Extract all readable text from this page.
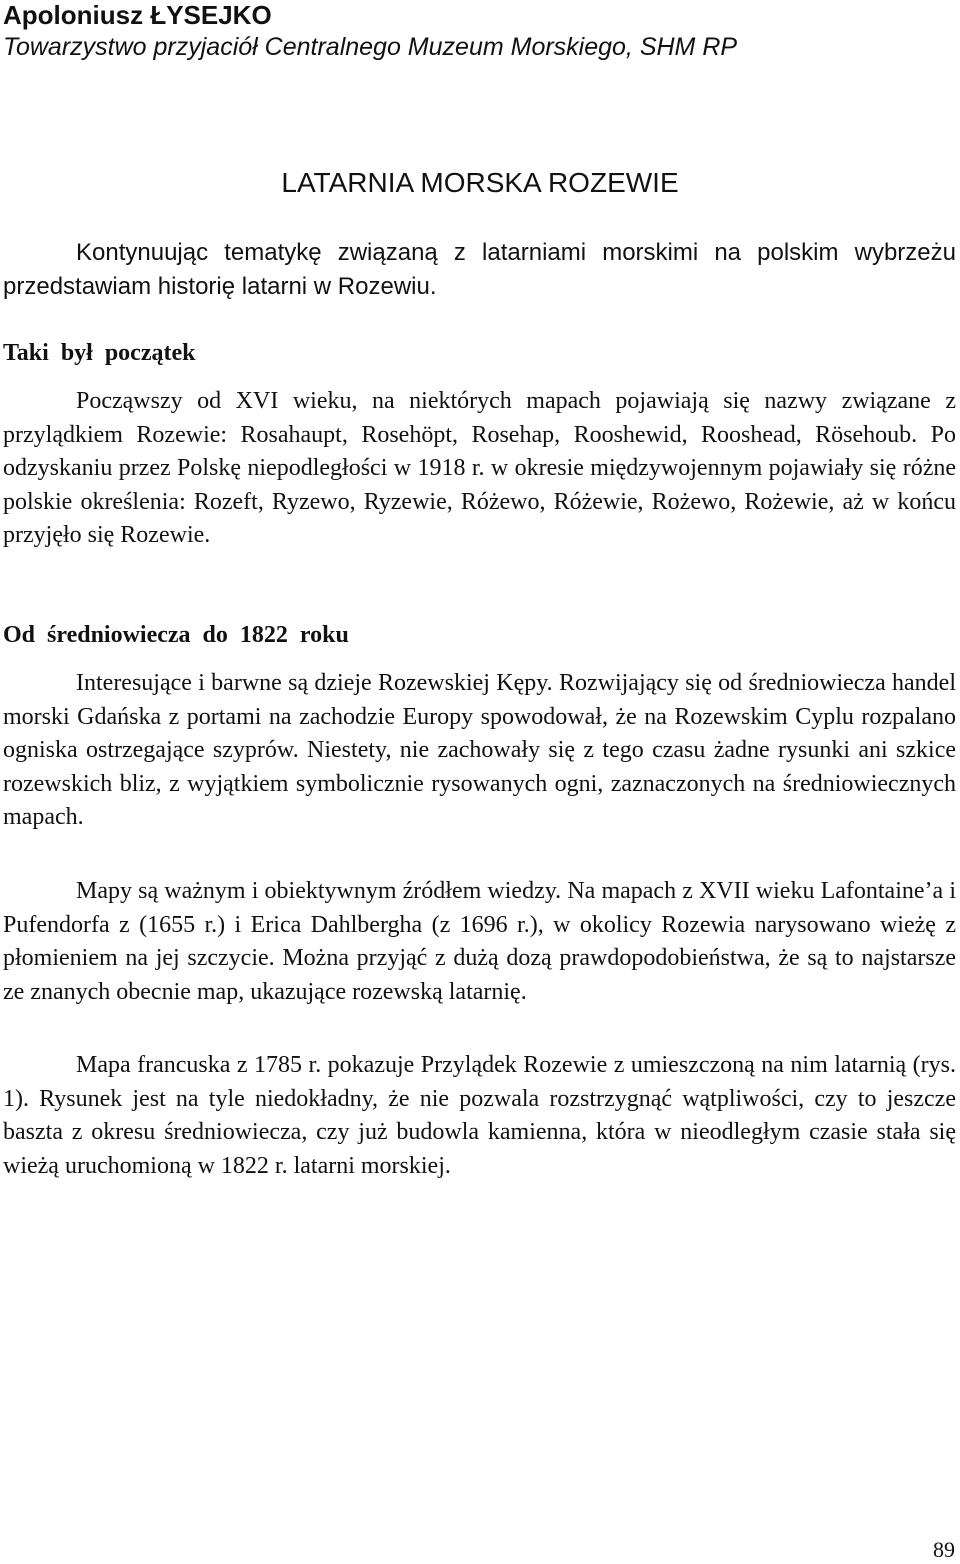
Apoloniusz ŁYSEJKO
Towarzystwo przyjaciół Centralnego Muzeum Morskiego, SHM RP
LATARNIA MORSKA ROZEWIE

Kontynuując tematykę związaną z latarniami morskimi na polskim wybrzeżu przedstawiam historię latarni w Rozewiu.

Taki był początek

Począwszy od XVI wieku, na niektórych mapach pojawiają się nazwy związane z przylądkiem Rozewie: Rosahaupt, Rosehöpt, Rosehap, Rooshewid, Rooshead, Rösehoub. Po odzyskaniu przez Polskę niepodległości w 1918 r. w okresie międzywojennym pojawiały się różne polskie określenia: Rozeft, Ryzewo, Ryzewie, Różewo, Różewie, Rożewo, Rożewie, aż w końcu przyjęło się Rozewie.

Od średniowiecza do 1822 roku

Interesujące i barwne są dzieje Rozewskiej Kępy. Rozwijający się od średniowiecza handel morski Gdańska z portami na zachodzie Europy spowodował, że na Rozewskim Cyplu rozpalano ogniska ostrzegające szyprów. Niestety, nie zachowały się z tego czasu żadne rysunki ani szkice rozewskich bliz, z wyjątkiem symbolicznie rysowanych ogni, zaznaczonych na średniowiecznych mapach.

Mapy są ważnym i obiektywnym źródłem wiedzy. Na mapach z XVII wieku Lafontaine’a i Pufendorfa z (1655 r.) i Erica Dahlbergha (z 1696 r.), w okolicy Rozewia narysowano wieżę z płomieniem na jej szczycie. Można przyjąć z dużą dozą prawdopodobieństwa, że są to najstarsze ze znanych obecnie map, ukazujące rozewską latarnię.

Mapa francuska z 1785 r. pokazuje Przylądek Rozewie z umieszczoną na nim latarnią (rys. 1). Rysunek jest na tyle niedokładny, że nie pozwala rozstrzygnąć wątpliwości, czy to jeszcze baszta z okresu średniowiecza, czy już budowla kamienna, która w nieodległym czasie stała się wieżą uruchomioną w 1822 r. latarni morskiej.

89
